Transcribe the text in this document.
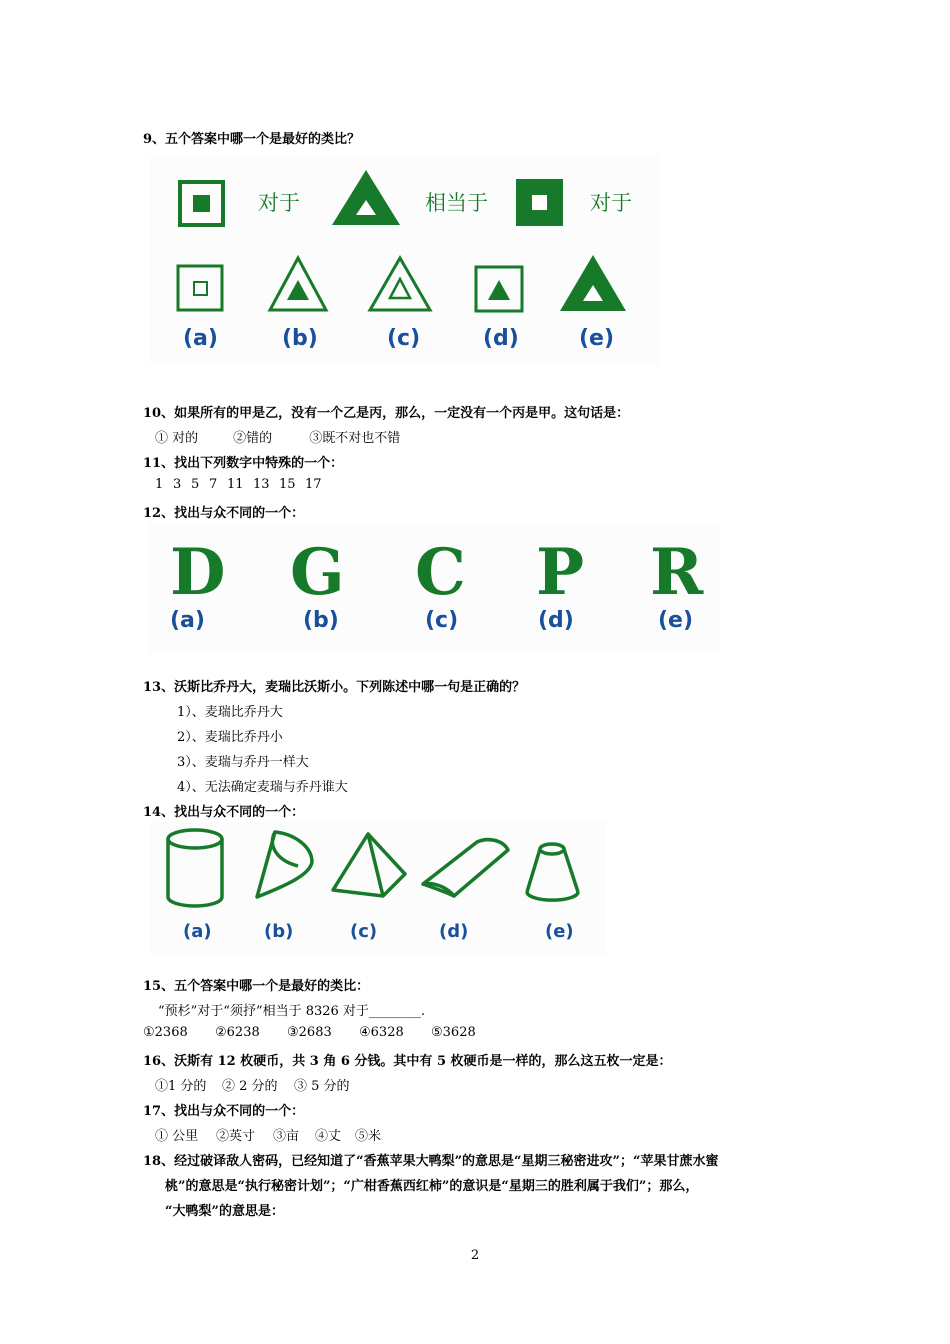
9、五个答案中哪一个是最好的类比？
对于	相当于	对于
(a)	(b)	(c)	(d)	(e)
10、如果所有的甲是乙，没有一个乙是丙，那么，一定没有一个丙是甲。这句话是：
① 对的	②错的	③既不对也不错
11、找出下列数字中特殊的一个：
1 3 5 7 11 13 15 17
12、找出与众不同的一个：
D G C P R
(a)	(b)	(c)	(d)	(e)
13、沃斯比乔丹大，麦瑞比沃斯小。下列陈述中哪一句是正确的？
1）、麦瑞比乔丹大
2）、麦瑞比乔丹小
3）、麦瑞与乔丹一样大
4）、无法确定麦瑞与乔丹谁大
14、找出与众不同的一个：
(a)	(b)	(c)	(d)	(e)
15、五个答案中哪一个是最好的类比：
“预杉”对于“须抒”相当于 8326 对于________.
①2368 ②6238 ③2683 ④6328 ⑤3628
16、沃斯有 12 枚硬币，共 3 角 6 分钱。其中有 5 枚硬币是一样的，那么这五枚一定是：
①1 分的 ② 2 分的 ③ 5 分的
17、找出与众不同的一个：
① 公里 ②英寸 ③亩 ④丈 ⑤米
18、经过破译敌人密码，已经知道了“香蕉苹果大鸭梨”的意思是“星期三秘密进攻”；“苹果甘蔗水蜜
桃”的意思是“执行秘密计划”；“广柑香蕉西红柿”的意识是“星期三的胜利属于我们”；那么，
“大鸭梨”的意思是：
2
